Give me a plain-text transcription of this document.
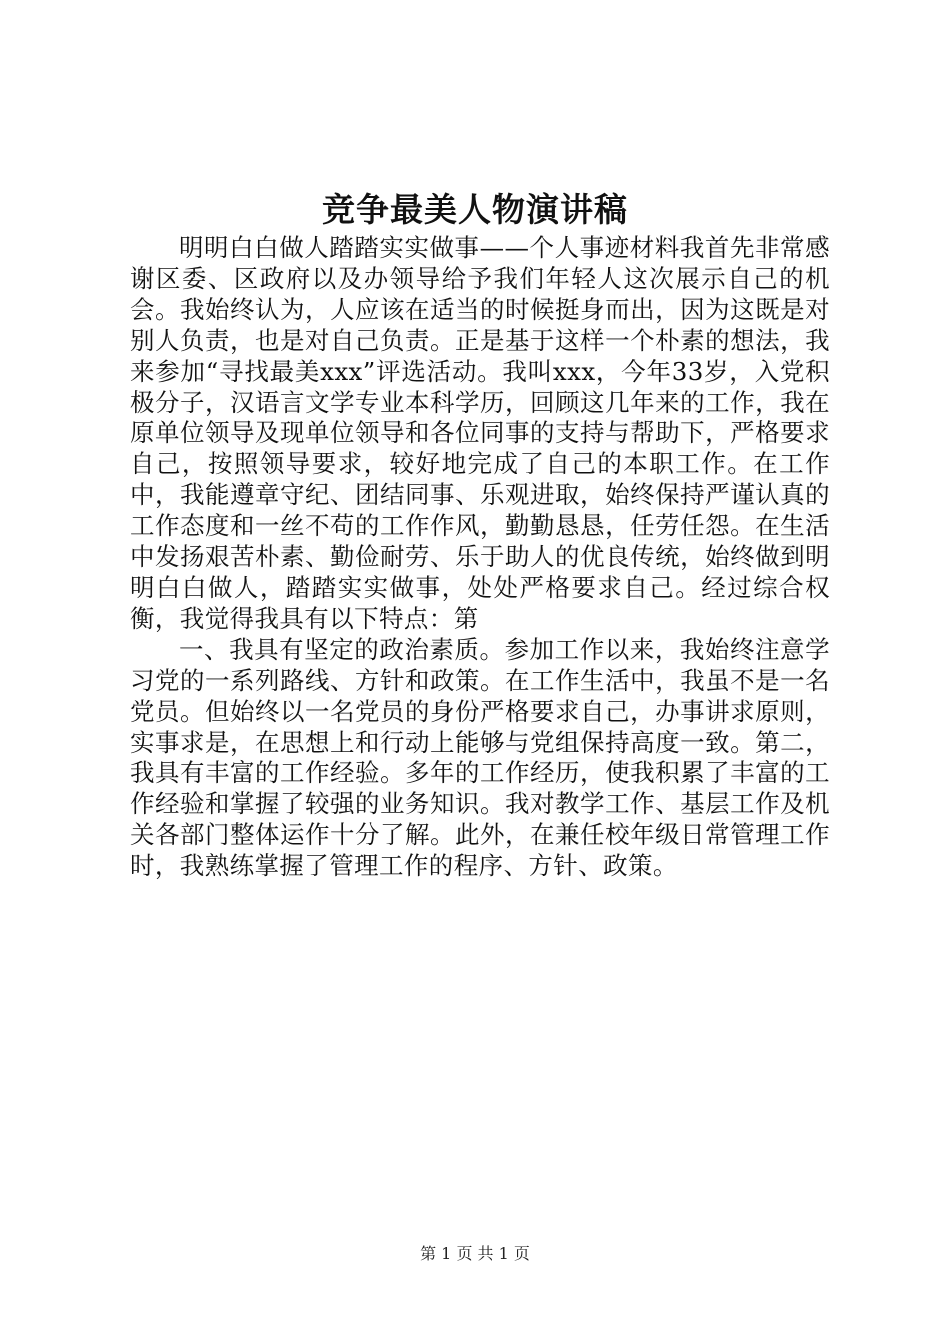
竞争最美人物演讲稿

明明白白做人踏踏实实做事——个人事迹材料我首先非常感谢区委、区政府以及办领导给予我们年轻人这次展示自己的机会。我始终认为，人应该在适当的时候挺身而出，因为这既是对别人负责，也是对自己负责。正是基于这样一个朴素的想法，我来参加“寻找最美xxx”评选活动。我叫xxx，今年33岁，入党积极分子，汉语言文学专业本科学历，回顾这几年来的工作，我在原单位领导及现单位领导和各位同事的支持与帮助下，严格要求自己，按照领导要求，较好地完成了自己的本职工作。在工作中，我能遵章守纪、团结同事、乐观进取，始终保持严谨认真的工作态度和一丝不苟的工作作风，勤勤恳恳，任劳任怨。在生活中发扬艰苦朴素、勤俭耐劳、乐于助人的优良传统，始终做到明明白白做人，踏踏实实做事，处处严格要求自己。经过综合权衡，我觉得我具有以下特点：第

一、我具有坚定的政治素质。参加工作以来，我始终注意学习党的一系列路线、方针和政策。在工作生活中，我虽不是一名党员。但始终以一名党员的身份严格要求自己，办事讲求原则，实事求是，在思想上和行动上能够与党组保持高度一致。第二，我具有丰富的工作经验。多年的工作经历，使我积累了丰富的工作经验和掌握了较强的业务知识。我对教学工作、基层工作及机关各部门整体运作十分了解。此外，在兼任校年级日常管理工作时，我熟练掌握了管理工作的程序、方针、政策。

第 1 页 共 1 页
